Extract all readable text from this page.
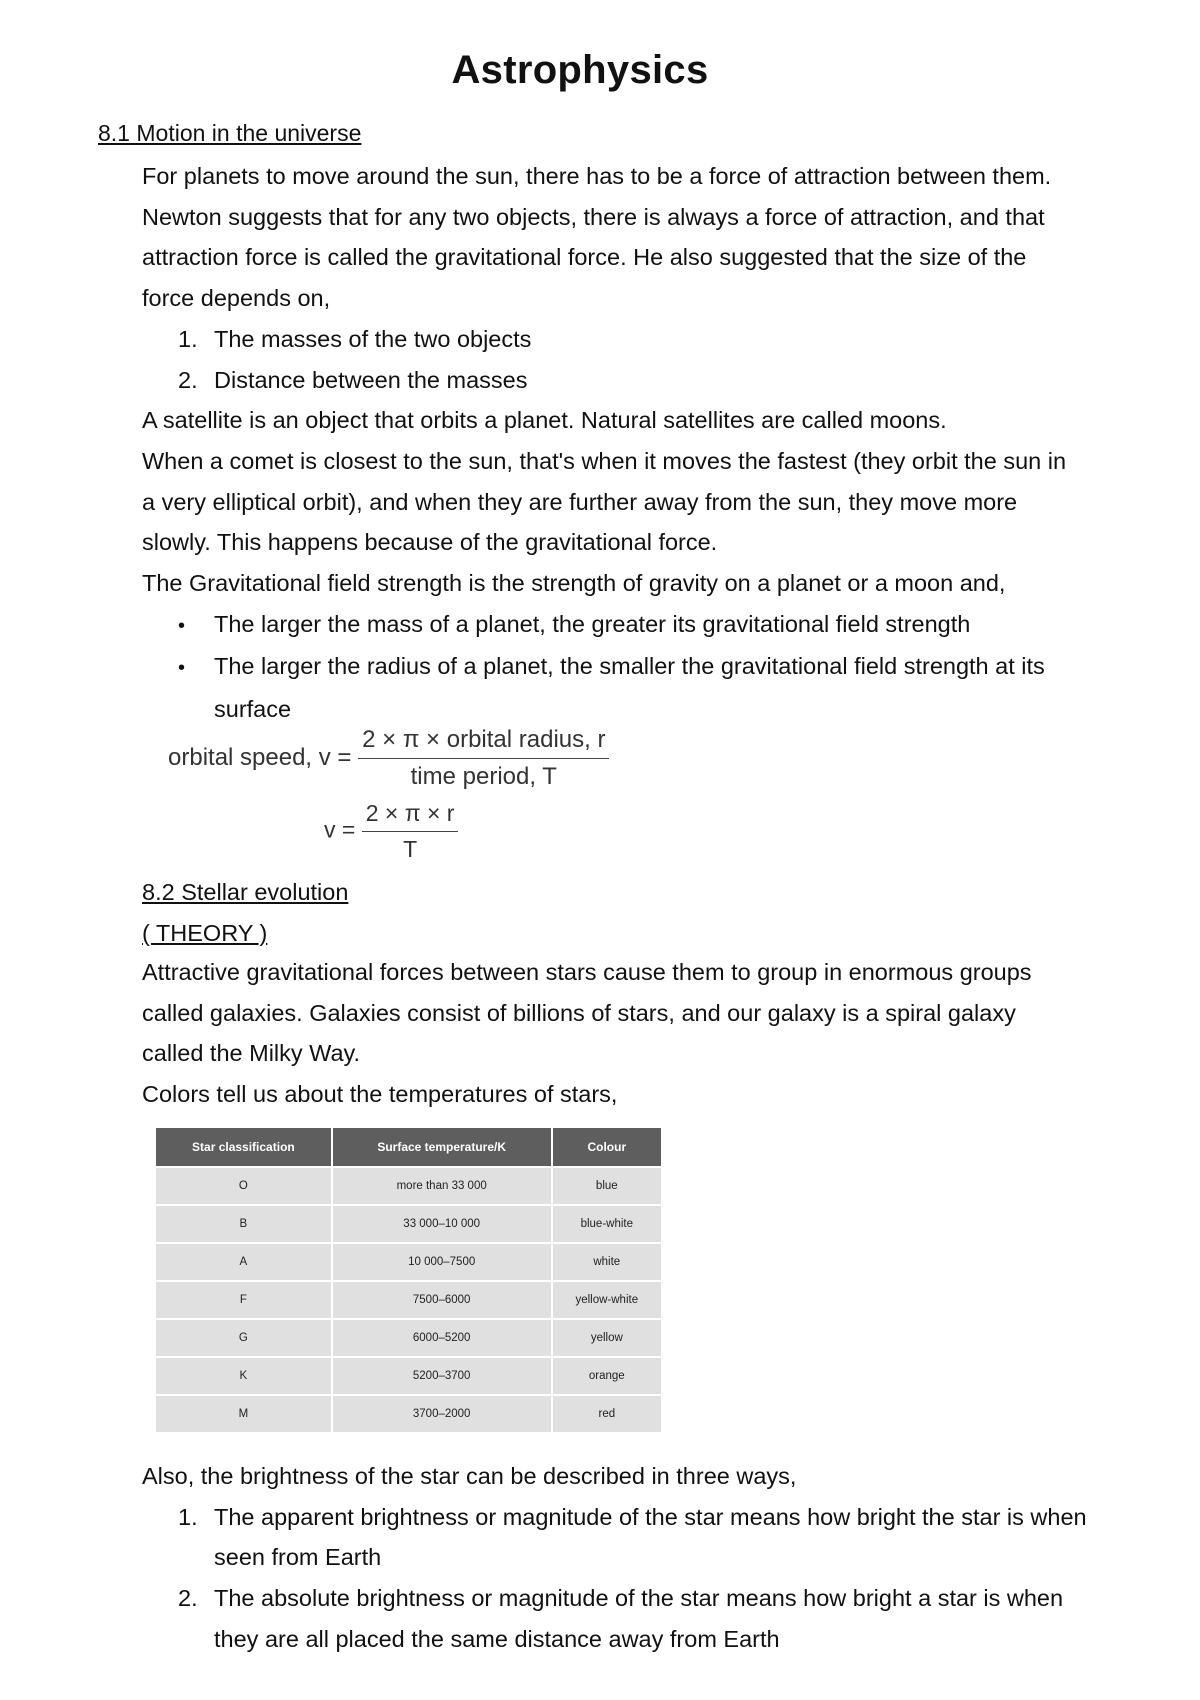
Astrophysics
8.1 Motion in the universe

For planets to move around the sun, there has to be a force of attraction between them. Newton suggests that for any two objects, there is always a force of attraction, and that attraction force is called the gravitational force. He also suggested that the size of the force depends on,

1. The masses of the two objects

2. Distance between the masses

A satellite is an object that orbits a planet. Natural satellites are called moons.

When a comet is closest to the sun, that's when it moves the fastest (they orbit the sun in a very elliptical orbit), and when they are further away from the sun, they move more slowly. This happens because of the gravitational force.

The Gravitational field strength is the strength of gravity on a planet or a moon and,

• The larger the mass of a planet, the greater its gravitational field strength

• The larger the radius of a planet, the smaller the gravitational field strength at its surface

orbital speed, $v = \frac{\text{2 × π × orbital radius, r}}{\text{time period, T}}$
$v = \frac{2 \times \pi \times r}{T}$
8.2 Stellar evolution
( THEORY )

Attractive gravitational forces between stars cause them to group in enormous groups called galaxies. Galaxies consist of billions of stars, and our galaxy is a spiral galaxy called the Milky Way.

Colors tell us about the temperatures of stars,

Star classification	Surface temperature/K	Colour
O	more than 33 000	blue
B	33 000–10 000	blue-white
A	10 000–7500	white
F	7500–6000	yellow-white
G	6000–5200	yellow
K	5200–3700	orange
M	3700–2000	red

Also, the brightness of the star can be described in three ways,

1. The apparent brightness or magnitude of the star means how bright the star is when seen from Earth

2. The absolute brightness or magnitude of the star means how bright a star is when they are all placed the same distance away from Earth
